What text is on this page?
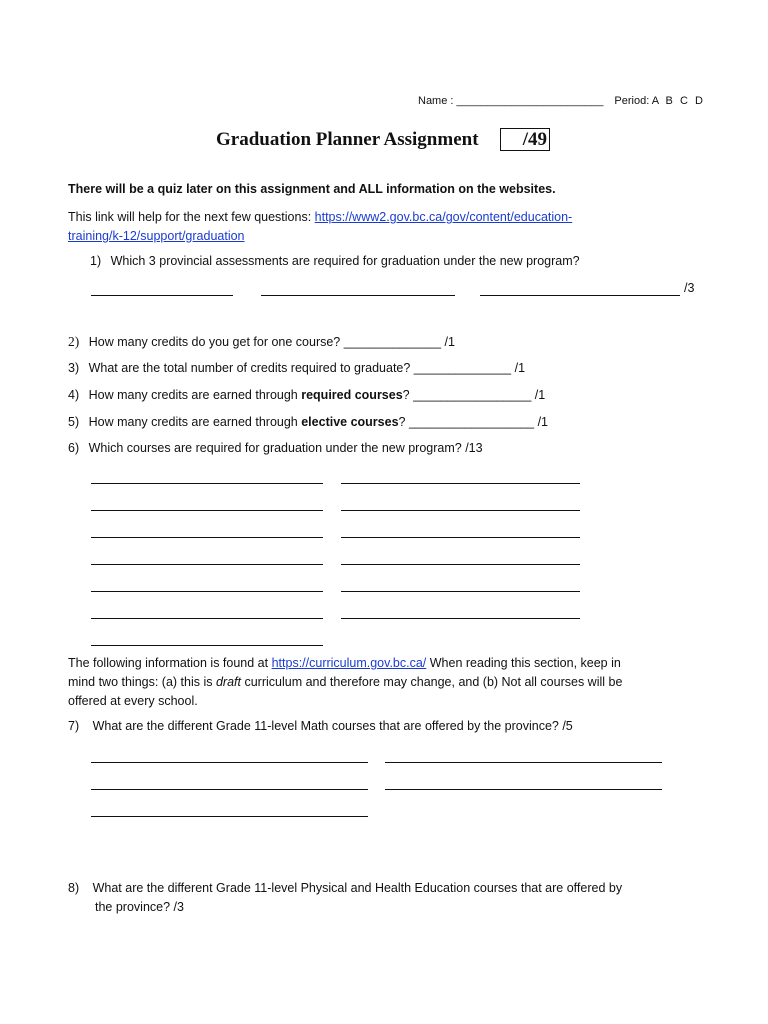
Name : ________________________ Period: A B C D
Graduation Planner Assignment	/49
There will be a quiz later on this assignment and ALL information on the websites.
This link will help for the next few questions: https://www2.gov.bc.ca/gov/content/education-
training/k-12/support/graduation
1) Which 3 provincial assessments are required for graduation under the new program?
/3
2) How many credits do you get for one course? ______________ /1
3) What are the total number of credits required to graduate? ______________ /1
4) How many credits are earned through required courses? _________________ /1
5) How many credits are earned through elective courses? __________________ /1
6) Which courses are required for graduation under the new program? /13
The following information is found at https://curriculum.gov.bc.ca/ When reading this section, keep in
mind two things: (a) this is draft curriculum and therefore may change, and (b) Not all courses will be
offered at every school.
7) What are the different Grade 11-level Math courses that are offered by the province? /5
8) What are the different Grade 11-level Physical and Health Education courses that are offered by
the province? /3
